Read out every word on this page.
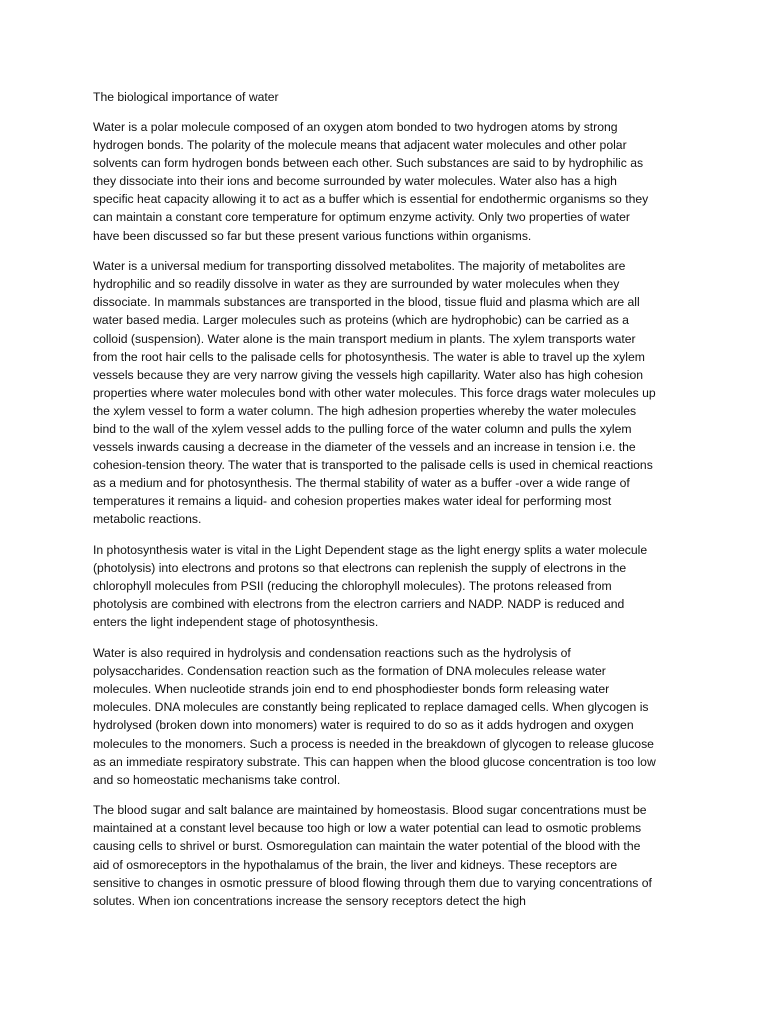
The biological importance of water

Water is a polar molecule composed of an oxygen atom bonded to two hydrogen atoms by strong hydrogen bonds. The polarity of the molecule means that adjacent water molecules and other polar solvents can form hydrogen bonds between each other. Such substances are said to by hydrophilic as they dissociate into their ions and become surrounded by water molecules. Water also has a high specific heat capacity allowing it to act as a buffer which is essential for endothermic organisms so they can maintain a constant core temperature for optimum enzyme activity. Only two properties of water have been discussed so far but these present various functions within organisms.

Water is a universal medium for transporting dissolved metabolites. The majority of metabolites are hydrophilic and so readily dissolve in water as they are surrounded by water molecules when they dissociate. In mammals substances are transported in the blood, tissue fluid and plasma which are all water based media. Larger molecules such as proteins (which are hydrophobic) can be carried as a colloid (suspension). Water alone is the main transport medium in plants. The xylem transports water from the root hair cells to the palisade cells for photosynthesis. The water is able to travel up the xylem vessels because they are very narrow giving the vessels high capillarity. Water also has high cohesion properties where water molecules bond with other water molecules. This force drags water molecules up the xylem vessel to form a water column. The high adhesion properties whereby the water molecules bind to the wall of the xylem vessel adds to the pulling force of the water column and pulls the xylem vessels inwards causing a decrease in the diameter of the vessels and an increase in tension i.e. the cohesion-tension theory. The water that is transported to the palisade cells is used in chemical reactions as a medium and for photosynthesis. The thermal stability of water as a buffer -over a wide range of temperatures it remains a liquid- and cohesion properties makes water ideal for performing most metabolic reactions.

In photosynthesis water is vital in the Light Dependent stage as the light energy splits a water molecule (photolysis) into electrons and protons so that electrons can replenish the supply of electrons in the chlorophyll molecules from PSII (reducing the chlorophyll molecules). The protons released from photolysis are combined with electrons from the electron carriers and NADP. NADP is reduced and enters the light independent stage of photosynthesis.

Water is also required in hydrolysis and condensation reactions such as the hydrolysis of polysaccharides. Condensation reaction such as the formation of DNA molecules release water molecules. When nucleotide strands join end to end phosphodiester bonds form releasing water molecules. DNA molecules are constantly being replicated to replace damaged cells. When glycogen is hydrolysed (broken down into monomers) water is required to do so as it adds hydrogen and oxygen molecules to the monomers. Such a process is needed in the breakdown of glycogen to release glucose as an immediate respiratory substrate. This can happen when the blood glucose concentration is too low and so homeostatic mechanisms take control.

The blood sugar and salt balance are maintained by homeostasis. Blood sugar concentrations must be maintained at a constant level because too high or low a water potential can lead to osmotic problems causing cells to shrivel or burst. Osmoregulation can maintain the water potential of the blood with the aid of osmoreceptors in the hypothalamus of the brain, the liver and kidneys. These receptors are sensitive to changes in osmotic pressure of blood flowing through them due to varying concentrations of solutes. When ion concentrations increase the sensory receptors detect the high
